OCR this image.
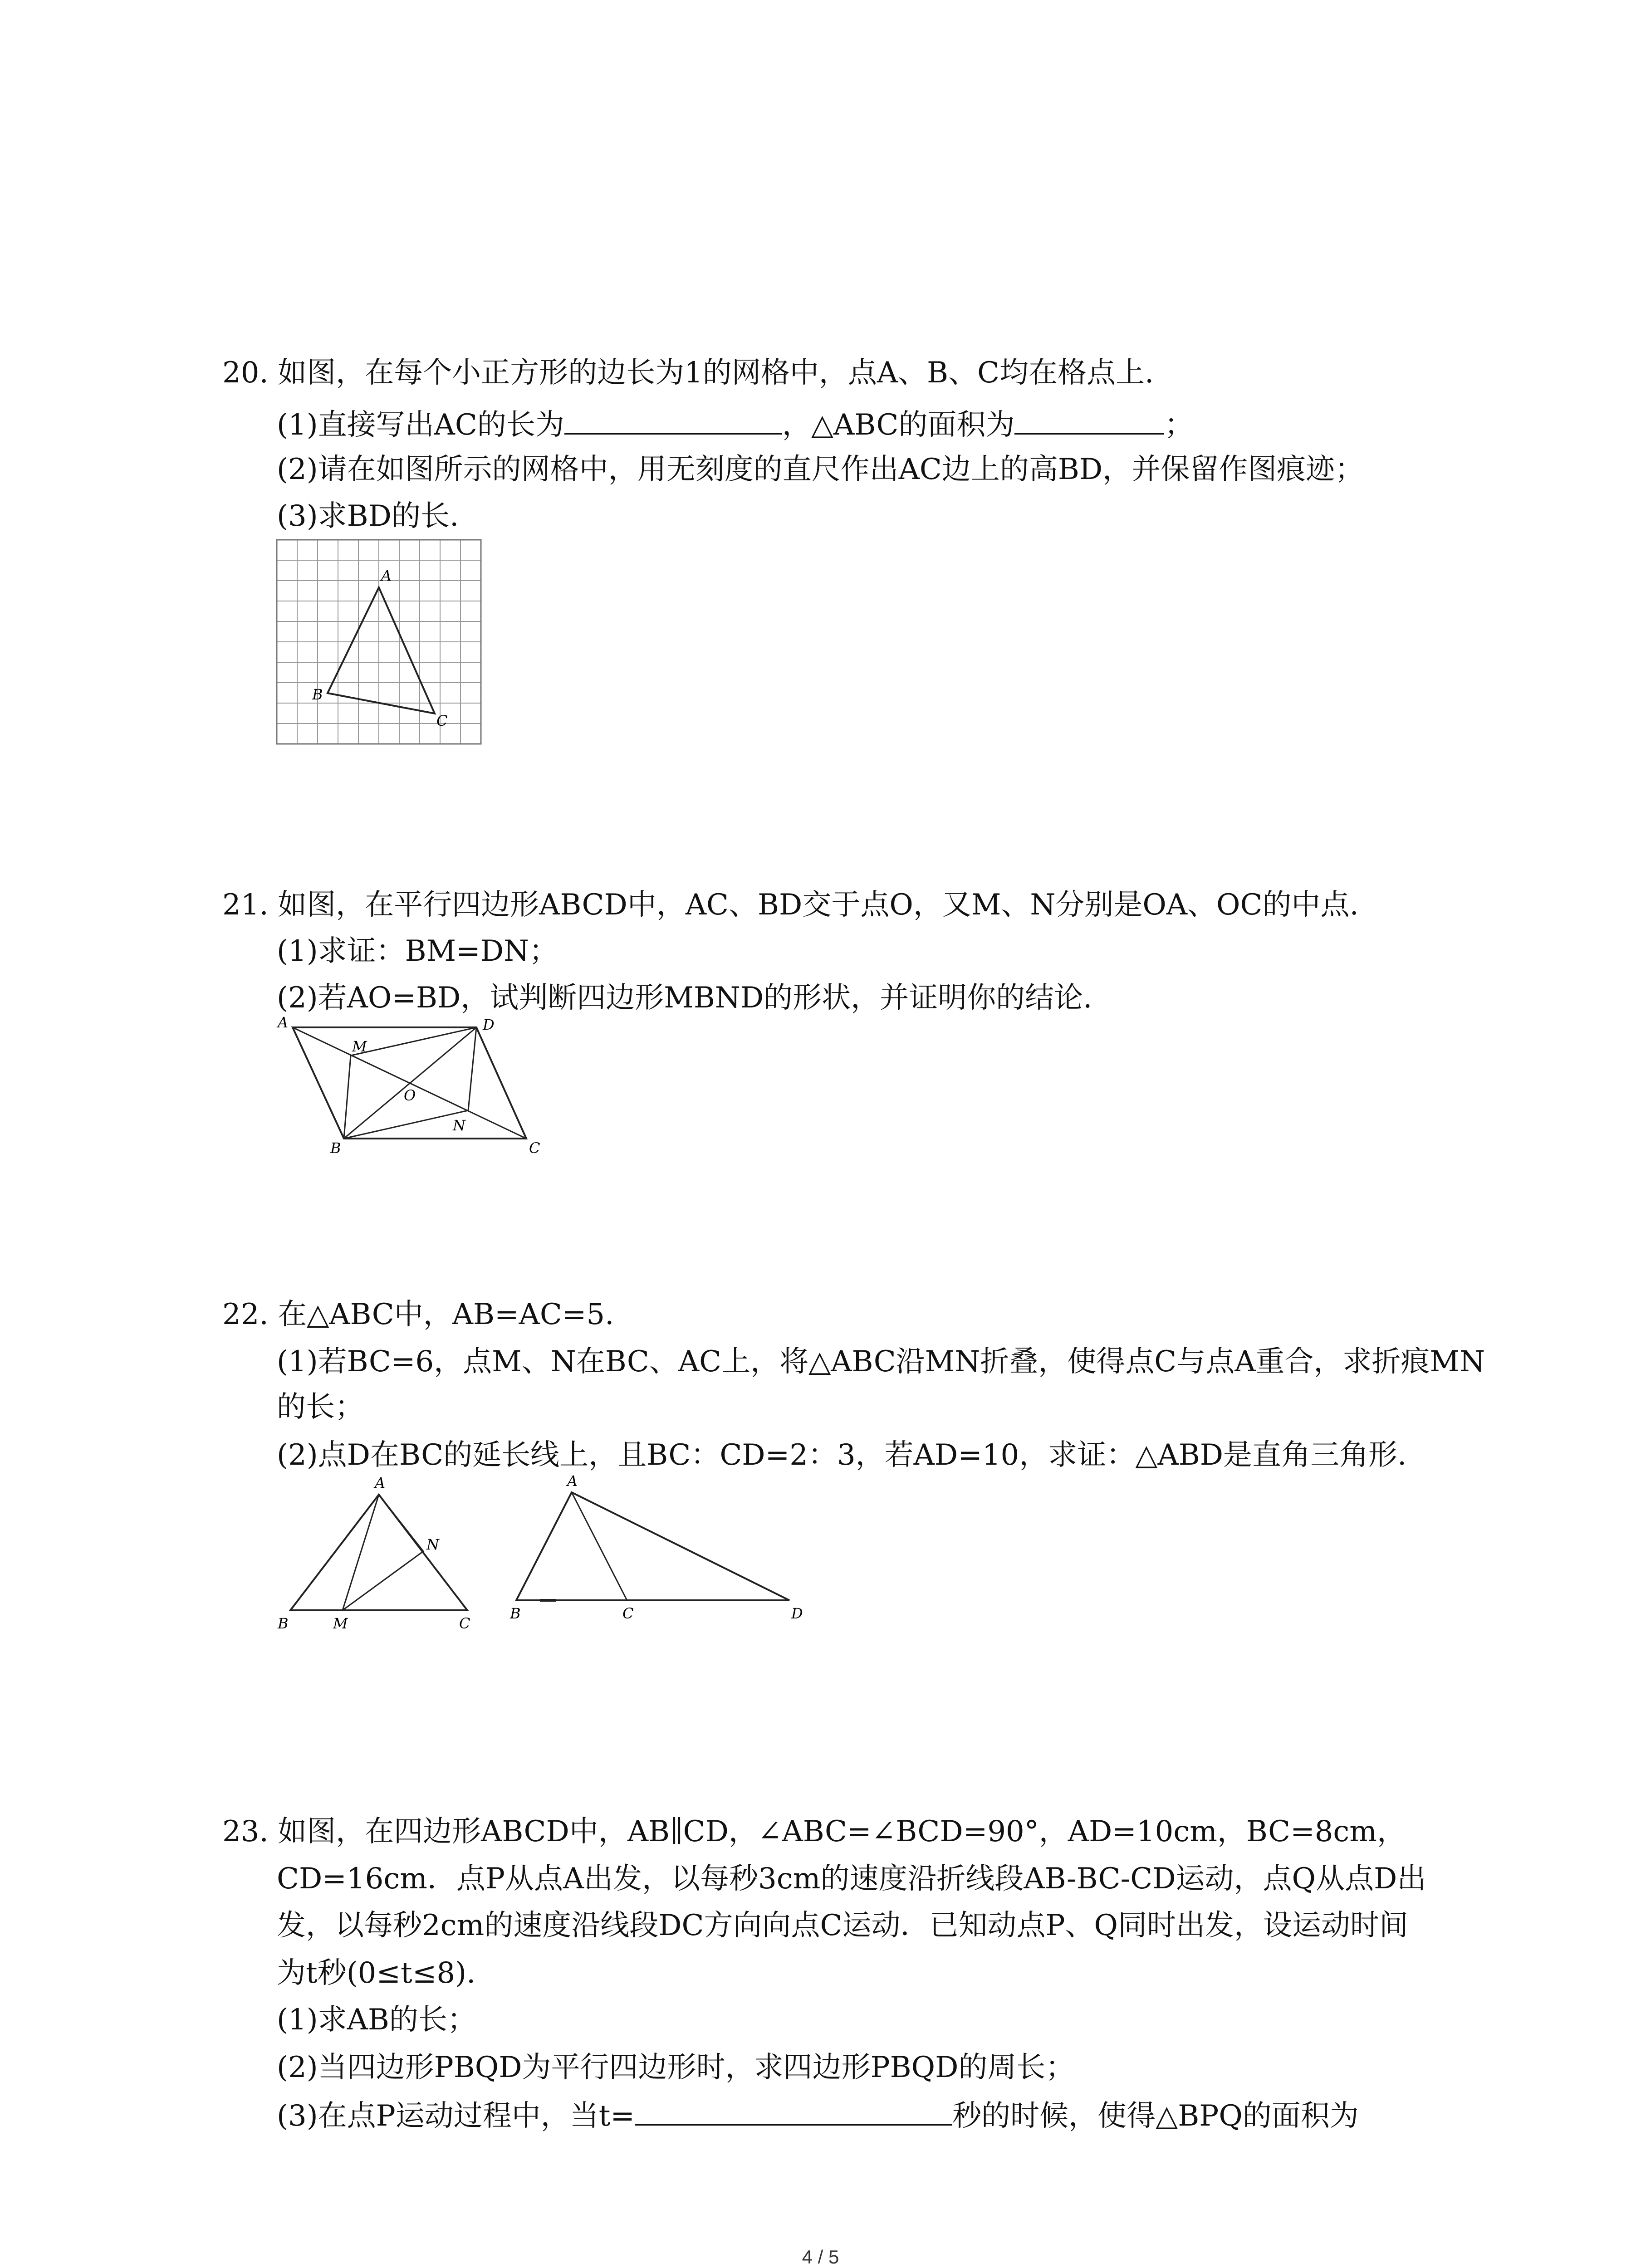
20. 如图，在每个小正方形的边长为1的网格中，点A、B、C均在格点上.
(1)直接写出AC的长为	，△ABC的面积为	；
(2)请在如图所示的网格中，用无刻度的直尺作出AC边上的高BD，并保留作图痕迹；
(3)求BD的长.
A
B
C
21. 如图，在平行四边形ABCD中，AC、BD交于点O，又M、N分别是OA、OC的中点.
(1)求证：BM=DN；
(2)若AO=BD，试判断四边形MBND的形状，并证明你的结论.
A	D
M
O
N
B	C
22. 在△ABC中，AB=AC=5.
(1)若BC=6，点M、N在BC、AC上，将△ABC沿MN折叠，使得点C与点A重合，求折痕MN
的长；
(2)点D在BC的延长线上，且BC：CD=2：3，若AD=10，求证：△ABD是直角三角形.
A
N
B	M	C
A
B	C	D
23. 如图，在四边形ABCD中，AB∥CD，∠ABC=∠BCD=90°，AD=10cm，BC=8cm，
CD=16cm．点P从点A出发，以每秒3cm的速度沿折线段AB-BC-CD运动，点Q从点D出
发，以每秒2cm的速度沿线段DC方向向点C运动．已知动点P、Q同时出发，设运动时间
为t秒(0≤t≤8).
(1)求AB的长；
(2)当四边形PBQD为平行四边形时，求四边形PBQD的周长；
(3)在点P运动过程中，当t=	秒的时候，使得△BPQ的面积为
4 / 5
